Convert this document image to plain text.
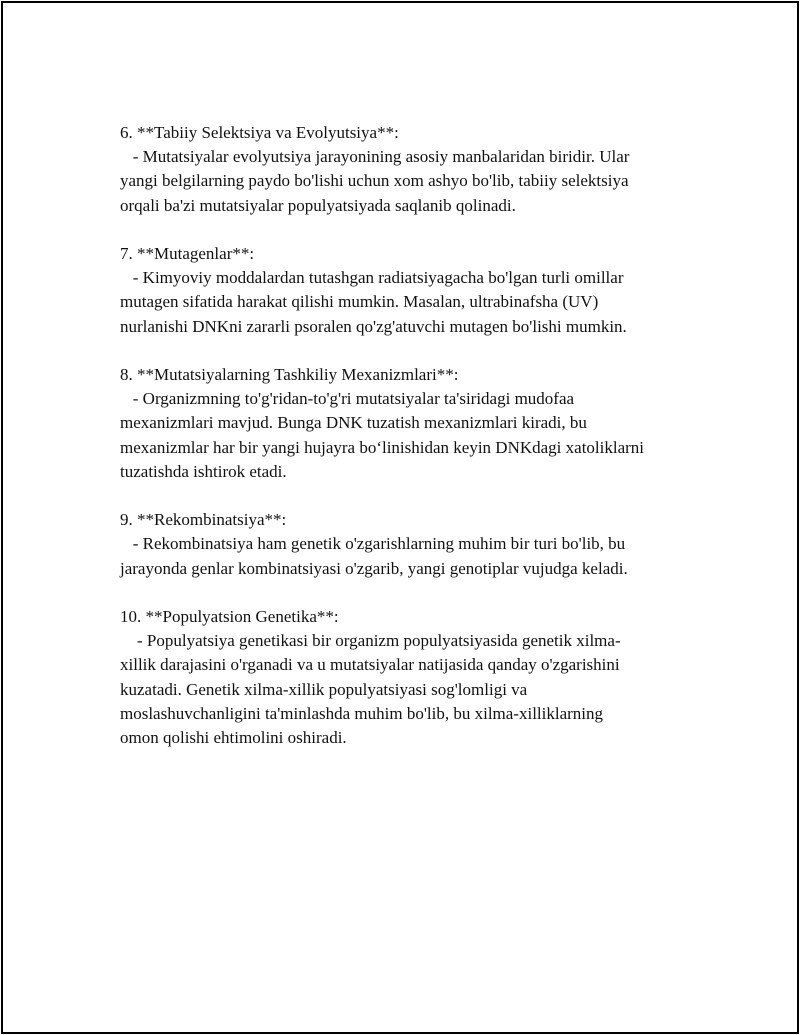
6. **Tabiiy Selektsiya va Evolyutsiya**:

- Mutatsiyalar evolyutsiya jarayonining asosiy manbalaridan biridir. Ular

yangi belgilarning paydo bo'lishi uchun xom ashyo bo'lib, tabiiy selektsiya

orqali ba'zi mutatsiyalar populyatsiyada saqlanib qolinadi.

7. **Mutagenlar**:

- Kimyoviy moddalardan tutashgan radiatsiyagacha bo'lgan turli omillar

mutagen sifatida harakat qilishi mumkin. Masalan, ultrabinafsha (UV)

nurlanishi DNKni zararli psoralen qo'zg'atuvchi mutagen bo'lishi mumkin.

8. **Mutatsiyalarning Tashkiliy Mexanizmlari**:

- Organizmning to'g'ridan-to'g'ri mutatsiyalar ta'siridagi mudofaa

mexanizmlari mavjud. Bunga DNK tuzatish mexanizmlari kiradi, bu

mexanizmlar har bir yangi hujayra bo‘linishidan keyin DNKdagi xatoliklarni

tuzatishda ishtirok etadi.

9. **Rekombinatsiya**:

- Rekombinatsiya ham genetik o'zgarishlarning muhim bir turi bo'lib, bu

jarayonda genlar kombinatsiyasi o'zgarib, yangi genotiplar vujudga keladi.

10. **Populyatsion Genetika**:

- Populyatsiya genetikasi bir organizm populyatsiyasida genetik xilma-

xillik darajasini o'rganadi va u mutatsiyalar natijasida qanday o'zgarishini

kuzatadi. Genetik xilma-xillik populyatsiyasi sog'lomligi va

moslashuvchanligini ta'minlashda muhim bo'lib, bu xilma-xilliklarning

omon qolishi ehtimolini oshiradi.
